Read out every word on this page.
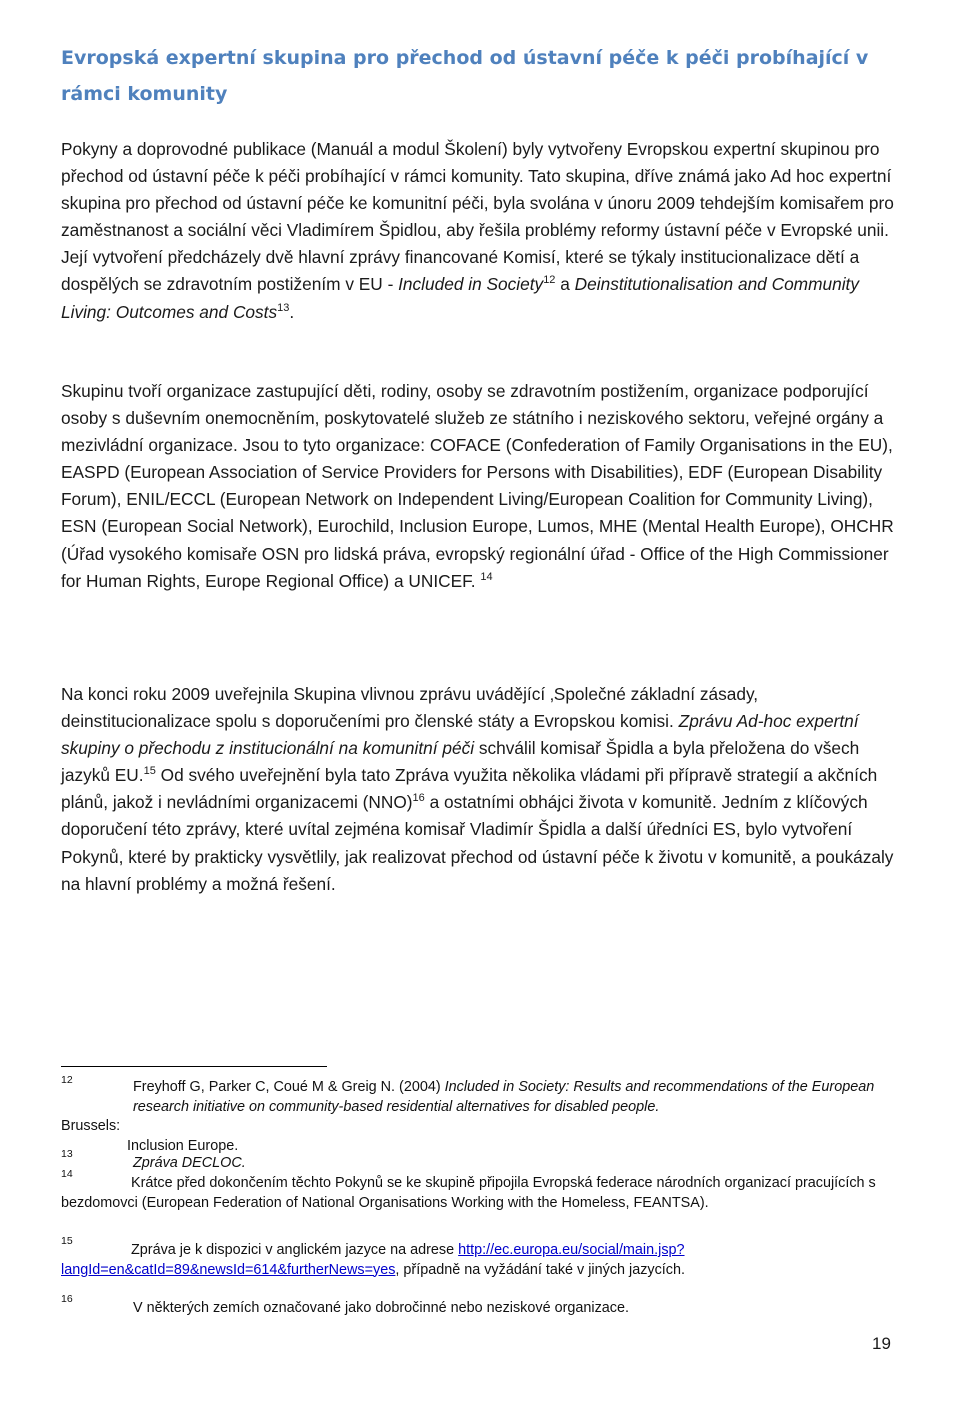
Evropská expertní skupina pro přechod od ústavní péče k péči probíhající v rámci komunity

Pokyny a doprovodné publikace (Manuál a modul Školení) byly vytvořeny Evropskou expertní skupinou pro přechod od ústavní péče k péči probíhající v rámci komunity. Tato skupina, dříve známá jako Ad hoc expertní skupina pro přechod od ústavní péče ke komunitní péči, byla svolána v únoru 2009 tehdejším komisařem pro zaměstnanost a sociální věci Vladimírem Špidlou, aby řešila problémy reformy ústavní péče v Evropské unii. Její vytvoření předcházely dvě hlavní zprávy financované Komisí, které se týkaly institucionalizace dětí a dospělých se zdravotním postižením v EU - Included in Society$^{12}$ a Deinstitutionalisation and Community Living: Outcomes and Costs$^{13}$.

Skupinu tvoří organizace zastupující děti, rodiny, osoby se zdravotním postižením, organizace podporující osoby s duševním onemocněním, poskytovatelé služeb ze státního i neziskového sektoru, veřejné orgány a mezivládní organizace. Jsou to tyto organizace: COFACE (Confederation of Family Organisations in the EU), EASPD (European Association of Service Providers for Persons with Disabilities), EDF (European Disability Forum), ENIL/ECCL (European Network on Independent Living/European Coalition for Community Living), ESN (European Social Network), Eurochild, Inclusion Europe, Lumos, MHE (Mental Health Europe), OHCHR (Úřad vysokého komisaře OSN pro lidská práva, evropský regionální úřad - Office of the High Commissioner for Human Rights, Europe Regional Office) a UNICEF. $^{14}$

Na konci roku 2009 uveřejnila Skupina vlivnou zprávu uvádějící ‚Společné základní zásady, deinstitucionalizace spolu s doporučeními pro členské státy a Evropskou komisi. Zprávu Ad-hoc expertní skupiny o přechodu z institucionální na komunitní péči schválil komisař Špidla a byla přeložena do všech jazyků EU.$^{15}$ Od svého uveřejnění byla tato Zpráva využita několika vládami při přípravě strategií a akčních plánů, jakož i nevládními organizacemi (NNO)$^{16}$ a ostatními obhájci života v komunitě. Jedním z klíčových doporučení této zprávy, které uvítal zejména komisař Vladimír Špidla a další úředníci ES, bylo vytvoření Pokynů, které by prakticky vysvětlily, jak realizovat přechod od ústavní péče k životu v komunitě, a poukázaly na hlavní problémy a možná řešení.

12	Freyhoff G, Parker C, Coué M & Greig N. (2004) Included in Society: Results and recommendations of the European research initiative on community-based residential alternatives for disabled people.
Brussels:
Inclusion Europe.
13
Zpráva DECLOC.
14
Krátce před dokončením těchto Pokynů se ke skupině připojila Evropská federace národních organizací pracujících s bezdomovci (European Federation of National Organisations Working with the Homeless, FEANTSA).
15
Zpráva je k dispozici v anglickém jazyce na adrese http://ec.europa.eu/social/main.jsp?langId=en&catId=89&newsId=614&furtherNews=yes, případně na vyžádání také v jiných jazycích.
16
V některých zemích označované jako dobročinné nebo neziskové organizace.
19
